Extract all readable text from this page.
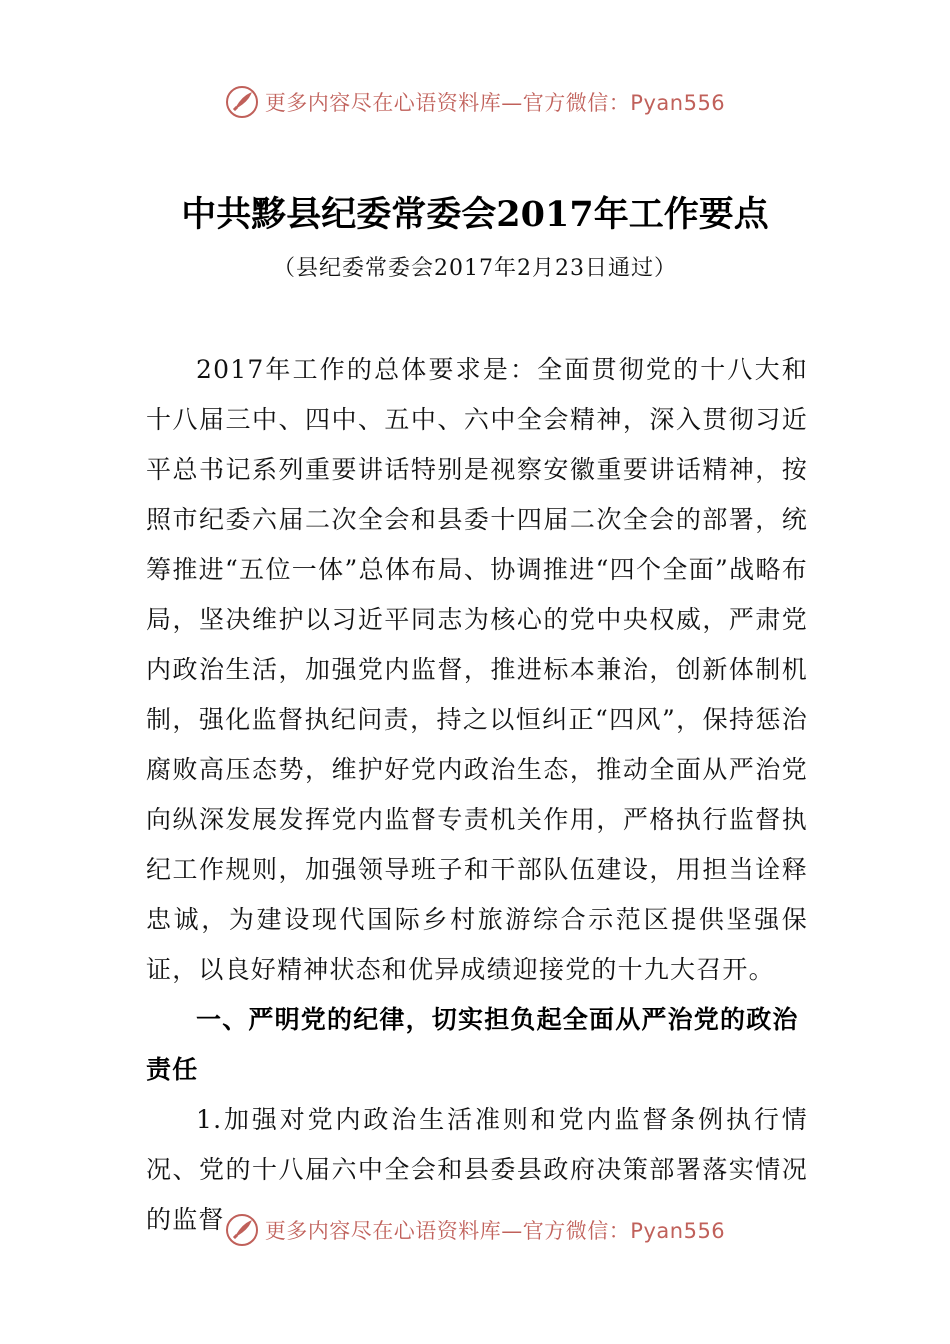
更多内容尽在心语资料库—官方微信：Pyan556
中共黟县纪委常委会2017年工作要点

（县纪委常委会2017年2月23日通过）

2017年工作的总体要求是：全面贯彻党的十八大和十八届三中、四中、五中、六中全会精神，深入贯彻习近平总书记系列重要讲话特别是视察安徽重要讲话精神，按照市纪委六届二次全会和县委十四届二次全会的部署，统筹推进“五位一体”总体布局、协调推进“四个全面”战略布局，坚决维护以习近平同志为核心的党中央权威，严肃党内政治生活，加强党内监督，推进标本兼治，创新体制机制，强化监督执纪问责，持之以恒纠正“四风”，保持惩治腐败高压态势，维护好党内政治生态，推动全面从严治党向纵深发展发挥党内监督专责机关作用，严格执行监督执纪工作规则，加强领导班子和干部队伍建设，用担当诠释忠诚，为建设现代国际乡村旅游综合示范区提供坚强保证，以良好精神状态和优异成绩迎接党的十九大召开。

一、严明党的纪律，切实担负起全面从严治党的政治责任

1.加强对党内政治生活准则和党内监督条例执行情况、党的十八届六中全会和县委县政府决策部署落实情况的监督	更多内容尽在心语资料库—官方微信：Pyan556
